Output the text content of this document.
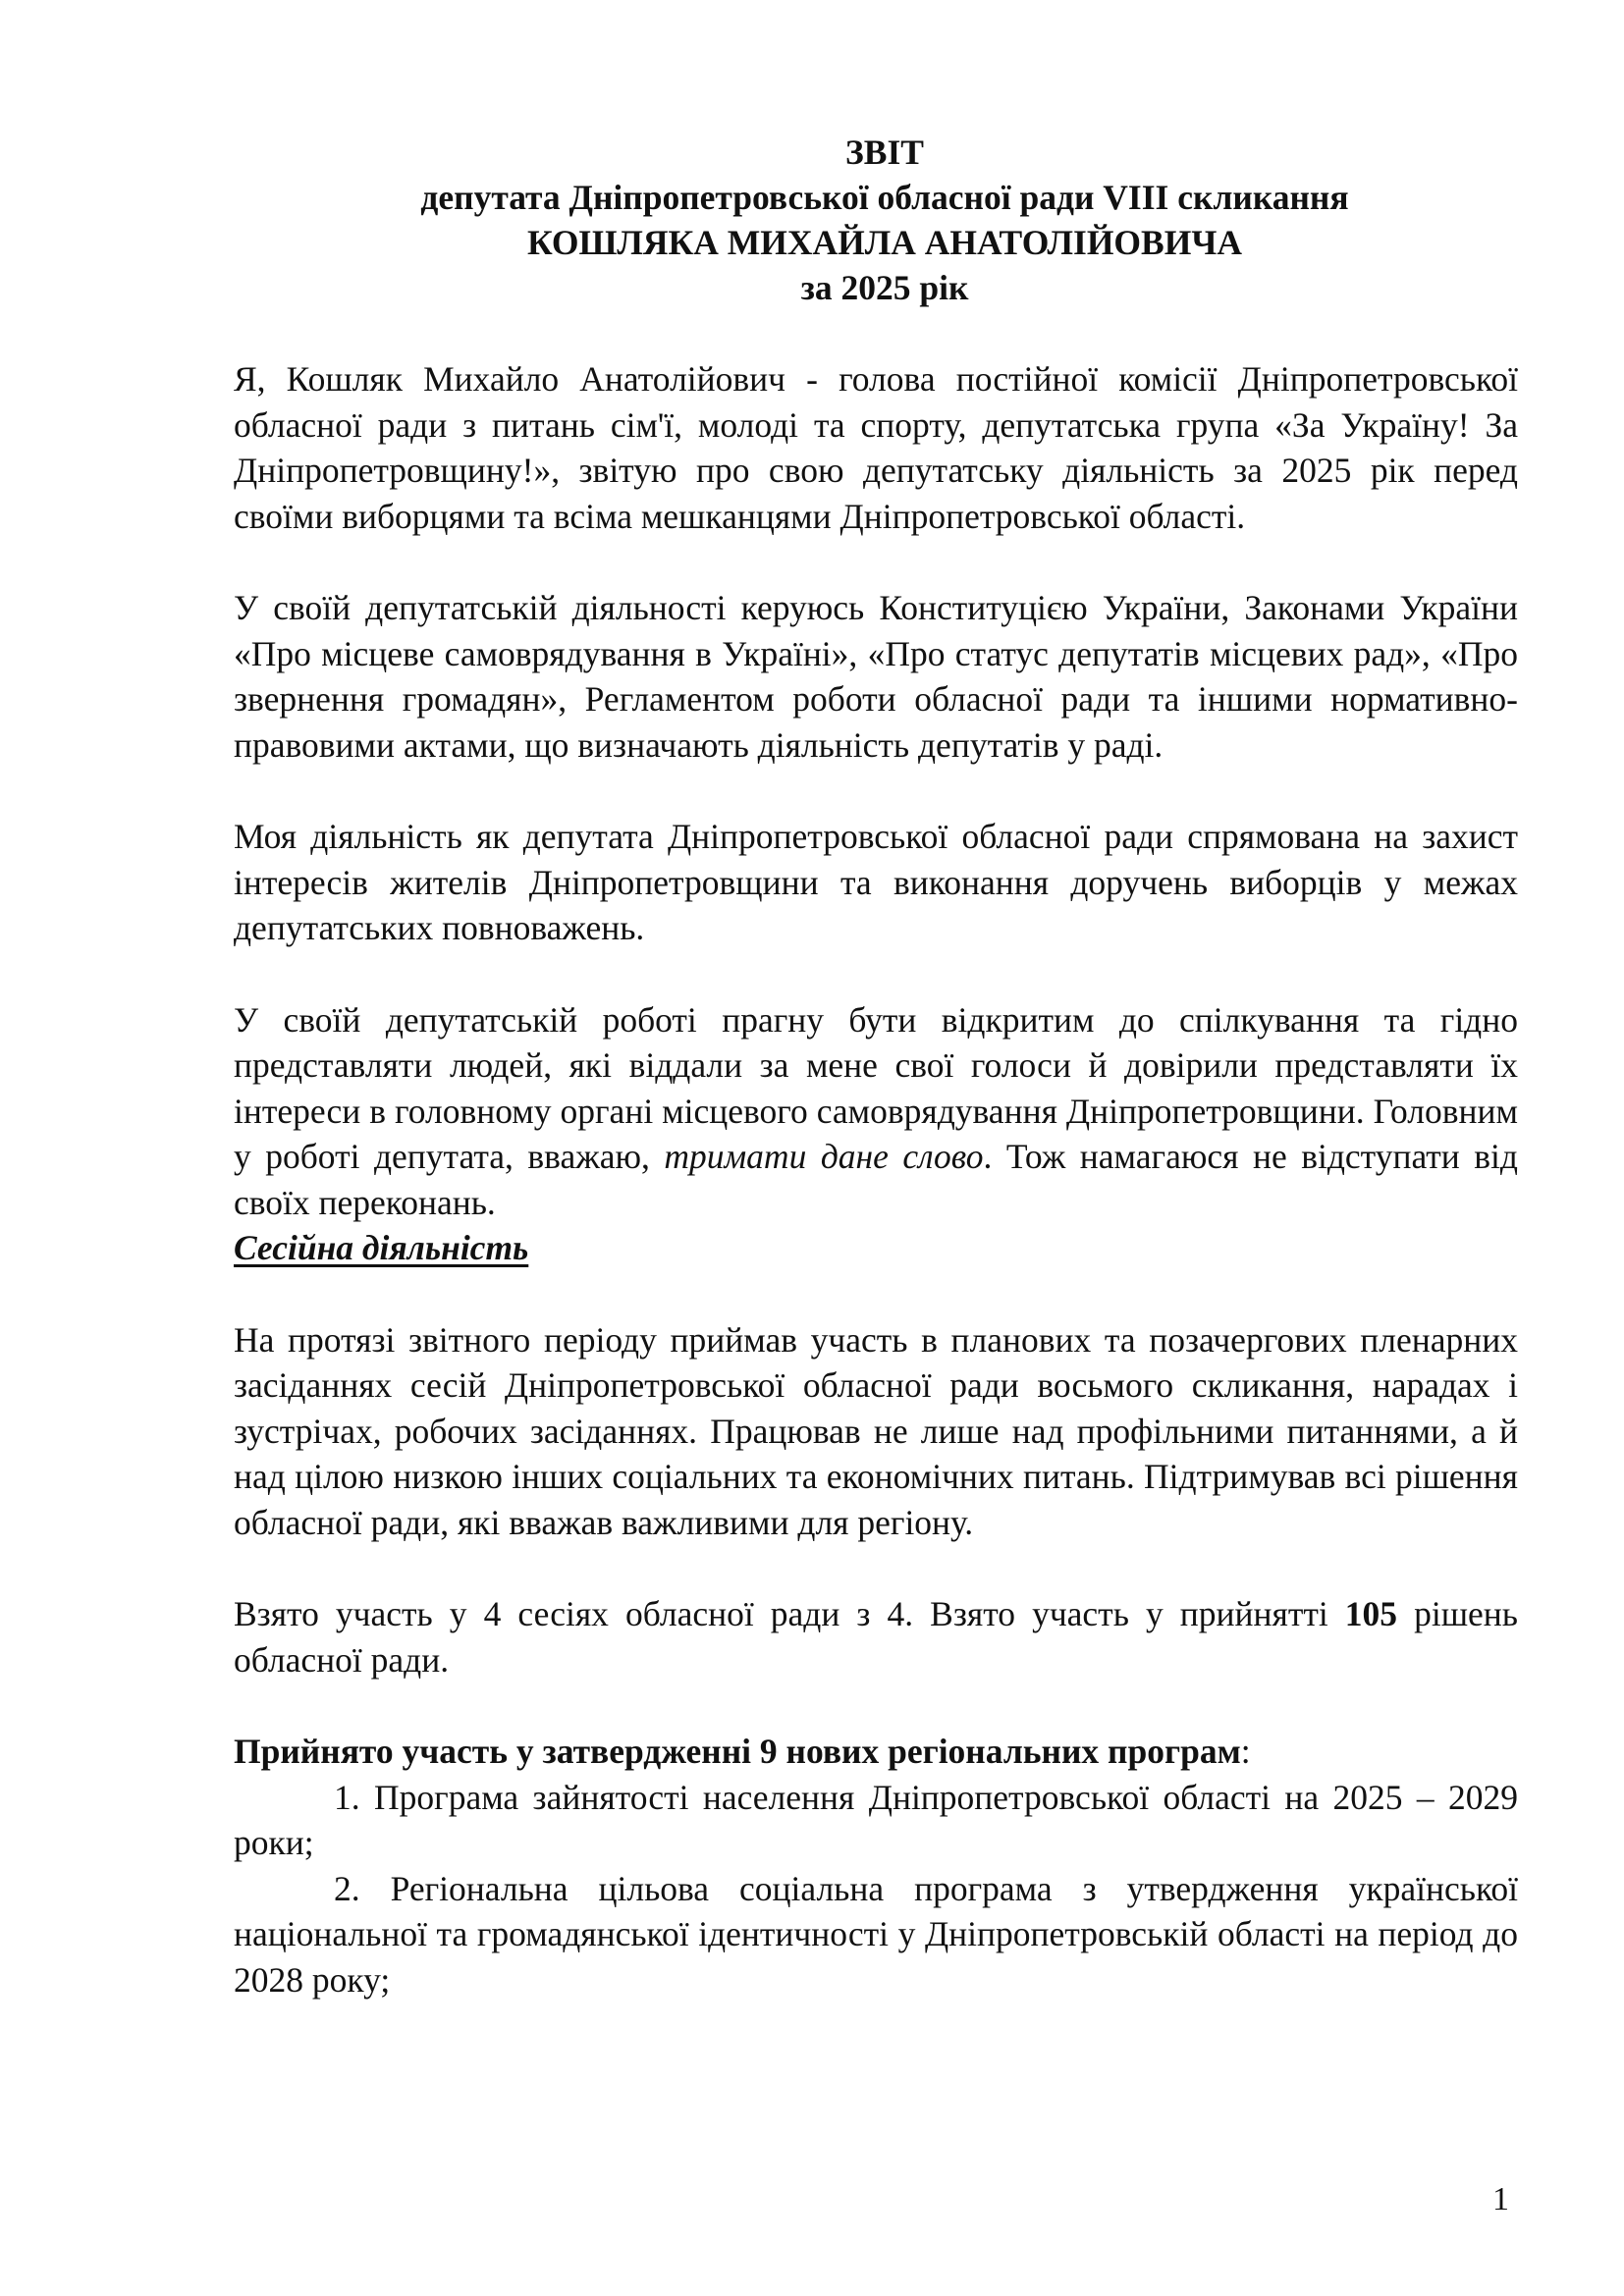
ЗВІТ
депутата Дніпропетровської обласної ради VIII скликання
КОШЛЯКА МИХАЙЛА АНАТОЛІЙОВИЧА
за 2025 рік

Я, Кошляк Михайло Анатолійович - голова постійної комісії Дніпропетровської обласної ради з питань сім'ї, молоді та спорту, депутатська група «За Україну! За Дніпропетровщину!», звітую про свою депутатську діяльність за 2025 рік перед своїми виборцями та всіма мешканцями Дніпропетровської області.

У своїй депутатській діяльності керуюсь Конституцією України, Законами України «Про місцеве самоврядування в Україні», «Про статус депутатів місцевих рад», «Про звернення громадян», Регламентом роботи обласної ради та іншими нормативно-правовими актами, що визначають діяльність депутатів у раді.

Моя діяльність як депутата Дніпропетровської обласної ради спрямована на захист інтересів жителів Дніпропетровщини та виконання доручень виборців у межах депутатських повноважень.

У своїй депутатській роботі прагну бути відкритим до спілкування та гідно представляти людей, які віддали за мене свої голоси й довірили представляти їх інтереси в головному органі місцевого самоврядування Дніпропетровщини. Головним у роботі депутата, вважаю, тримати дане слово. Тож намагаюся не відступати від своїх переконань.

Сесійна діяльність

На протязі звітного періоду приймав участь в планових та позачергових пленарних засіданнях сесій Дніпропетровської обласної ради восьмого скликання, нарадах і зустрічах, робочих засіданнях. Працював не лише над профільними питаннями, а й над цілою низкою інших соціальних та економічних питань. Підтримував всі рішення обласної ради, які вважав важливими для регіону.

Взято участь у 4 сесіях обласної ради з 4. Взято участь у прийнятті 105 рішень обласної ради.

Прийнято участь у затвердженні 9 нових регіональних програм:

1. Програма зайнятості населення Дніпропетровської області на 2025 – 2029 роки;

2. Регіональна цільова соціальна програма з утвердження української національної та громадянської ідентичності у Дніпропетровській області на період до 2028 року;

1
